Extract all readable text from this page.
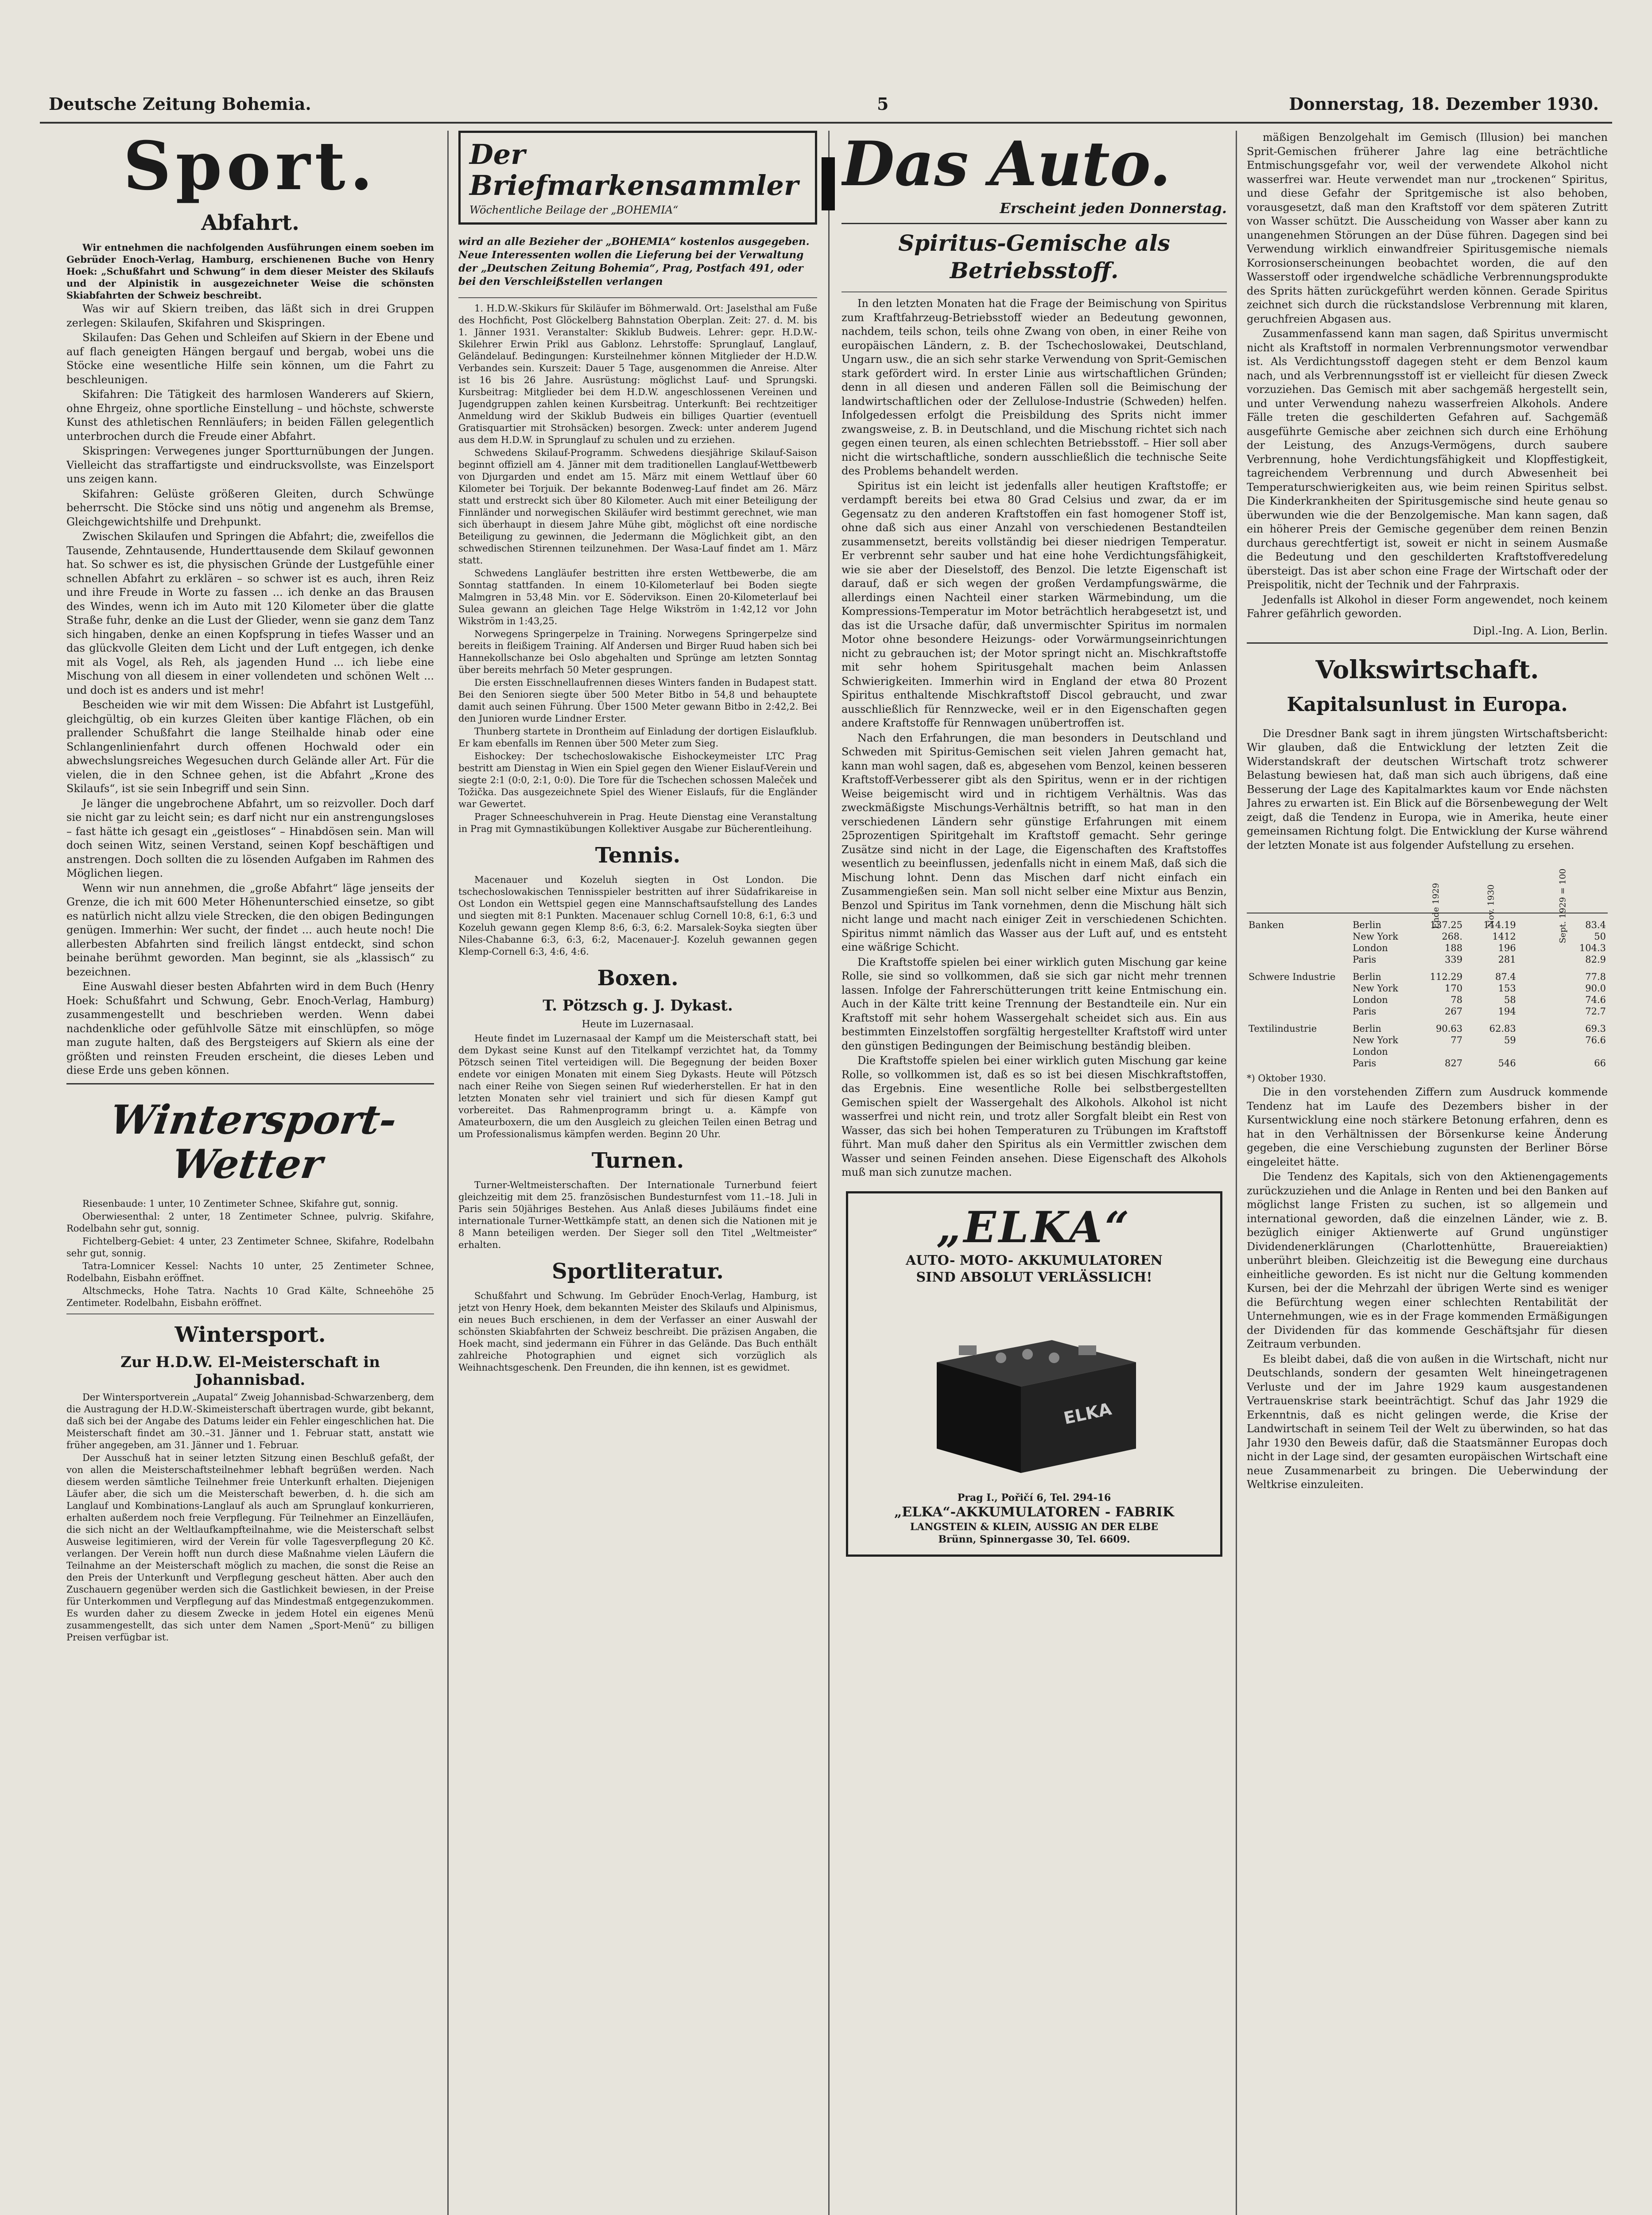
Deutsche Zeitung Bohemia.	5	Donnerstag, 18. Dezember 1930.
Sport.
Abfahrt.

Wir entnehmen die nachfolgenden Ausführungen einem soeben im Gebrüder Enoch-Verlag, Hamburg, erschienenen Buche von Henry Hoek: „Schußfahrt und Schwung“ in dem dieser Meister des Skilaufs und der Alpinistik in ausgezeichneter Weise die schönsten Skiabfahrten der Schweiz beschreibt.

Was wir auf Skiern treiben, das läßt sich in drei Gruppen zerlegen: Skilaufen, Skifahren und Skispringen.

Skilaufen: Das Gehen und Schleifen auf Skiern in der Ebene und auf flach geneigten Hängen bergauf und bergab, wobei uns die Stöcke eine wesentliche Hilfe sein können, um die Fahrt zu beschleunigen.

Skifahren: Die Tätigkeit des harmlosen Wanderers auf Skiern, ohne Ehrgeiz, ohne sportliche Einstellung – und höchste, schwerste Kunst des athletischen Rennläufers; in beiden Fällen gelegentlich unterbrochen durch die Freude einer Abfahrt.

Skispringen: Verwegenes junger Sportturnübungen der Jungen. Vielleicht das straffartigste und eindrucksvollste, was Einzelsport uns zeigen kann.

Skifahren: Gelüste größeren Gleiten, durch Schwünge beherrscht. Die Stöcke sind uns nötig und angenehm als Bremse, Gleichgewichtshilfe und Drehpunkt.

Zwischen Skilaufen und Springen die Abfahrt; die, zweifellos die Tausende, Zehntausende, Hunderttausende dem Skilauf gewonnen hat. So schwer es ist, die physischen Gründe der Lustgefühle einer schnellen Abfahrt zu erklären – so schwer ist es auch, ihren Reiz und ihre Freude in Worte zu fassen ... ich denke an das Brausen des Windes, wenn ich im Auto mit 120 Kilometer über die glatte Straße fuhr, denke an die Lust der Glieder, wenn sie ganz dem Tanz sich hingaben, denke an einen Kopfsprung in tiefes Wasser und an das glückvolle Gleiten dem Licht und der Luft entgegen, ich denke mit als Vogel, als Reh, als jagenden Hund ... ich liebe eine Mischung von all diesem in einer vollendeten und schönen Welt ... und doch ist es anders und ist mehr!

Bescheiden wie wir mit dem Wissen: Die Abfahrt ist Lustgefühl, gleichgültig, ob ein kurzes Gleiten über kantige Flächen, ob ein prallender Schußfahrt die lange Steilhalde hinab oder eine Schlangenlinienfahrt durch offenen Hochwald oder ein abwechslungsreiches Wegesuchen durch Gelände aller Art. Für die vielen, die in den Schnee gehen, ist die Abfahrt „Krone des Skilaufs“, ist sie sein Inbegriff und sein Sinn.

Je länger die ungebrochene Abfahrt, um so reizvoller. Doch darf sie nicht gar zu leicht sein; es darf nicht nur ein anstrengungsloses – fast hätte ich gesagt ein „geistloses“ – Hinabdösen sein. Man will doch seinen Witz, seinen Verstand, seinen Kopf beschäftigen und anstrengen. Doch sollten die zu lösenden Aufgaben im Rahmen des Möglichen liegen.

Wenn wir nun annehmen, die „große Abfahrt“ läge jenseits der Grenze, die ich mit 600 Meter Höhenunterschied einsetze, so gibt es natürlich nicht allzu viele Strecken, die den obigen Bedingungen genügen. Immerhin: Wer sucht, der findet ... auch heute noch! Die allerbesten Abfahrten sind freilich längst entdeckt, sind schon beinahe berühmt geworden. Man beginnt, sie als „klassisch“ zu bezeichnen.

Eine Auswahl dieser besten Abfahrten wird in dem Buch (Henry Hoek: Schußfahrt und Schwung, Gebr. Enoch-Verlag, Hamburg) zusammengestellt und beschrieben werden. Wenn dabei nachdenkliche oder gefühlvolle Sätze mit einschlüpfen, so möge man zugute halten, daß des Bergsteigers auf Skiern als eine der größten und reinsten Freuden erscheint, die dieses Leben und diese Erde uns geben können.

Wintersport-Wetter

Riesenbaude: 1 unter, 10 Zentimeter Schnee, Skifahre gut, sonnig.

Oberwiesenthal: 2 unter, 18 Zentimeter Schnee, pulvrig. Skifahre, Rodelbahn sehr gut, sonnig.

Fichtelberg-Gebiet: 4 unter, 23 Zentimeter Schnee, Skifahre, Rodelbahn sehr gut, sonnig.

Tatra-Lomnicer Kessel: Nachts 10 unter, 25 Zentimeter Schnee, Rodelbahn, Eisbahn eröffnet.

Altschmecks, Hohe Tatra. Nachts 10 Grad Kälte, Schneehöhe 25 Zentimeter. Rodelbahn, Eisbahn eröffnet.

Wintersport.
Zur H.D.W. El-Meisterschaft in Johannisbad.

Der Wintersportverein „Aupatal“ Zweig Johannisbad-Schwarzenberg, dem die Austragung der H.D.W.-Skimeisterschaft übertragen wurde, gibt bekannt, daß sich bei der Angabe des Datums leider ein Fehler eingeschlichen hat. Die Meisterschaft findet am 30.–31. Jänner und 1. Februar statt, anstatt wie früher angegeben, am 31. Jänner und 1. Februar.

Der Ausschuß hat in seiner letzten Sitzung einen Beschluß gefaßt, der von allen die Meisterschaftsteilnehmer lebhaft begrüßen werden. Nach diesem werden sämtliche Teilnehmer freie Unterkunft erhalten. Diejenigen Läufer aber, die sich um die Meisterschaft bewerben, d. h. die sich am Langlauf und Kombinations-Langlauf als auch am Sprunglauf konkurrieren, erhalten außerdem noch freie Verpflegung. Für Teilnehmer an Einzelläufen, die sich nicht an der Weltlaufkampfteilnahme, wie die Meisterschaft selbst Ausweise legitimieren, wird der Verein für volle Tagesverpflegung 20 Kč. verlangen. Der Verein hofft nun durch diese Maßnahme vielen Läufern die Teilnahme an der Meisterschaft möglich zu machen, die sonst die Reise an den Preis der Unterkunft und Verpflegung gescheut hätten. Aber auch den Zuschauern gegenüber werden sich die Gastlichkeit bewiesen, in der Preise für Unterkommen und Verpflegung auf das Mindestmaß entgegenzukommen. Es wurden daher zu diesem Zwecke in jedem Hotel ein eigenes Menü zusammengestellt, das sich unter dem Namen „Sport-Menü“ zu billigen Preisen verfügbar ist.

Der
Briefmarkensammler
Wöchentliche Beilage der „BOHEMIA“
wird an alle Bezieher der „BOHEMIA“ kostenlos ausgegeben. Neue Interessenten wollen die Lieferung bei der Verwaltung der „Deutschen Zeitung Bohemia“, Prag, Postfach 491, oder bei den Verschleißstellen verlangen

1. H.D.W.-Skikurs für Skiläufer im Böhmerwald. Ort: Jaselsthal am Fuße des Hochficht, Post Glöckelberg Bahnstation Oberplan. Zeit: 27. d. M. bis 1. Jänner 1931. Veranstalter: Skiklub Budweis. Lehrer: gepr. H.D.W.-Skilehrer Erwin Prikl aus Gablonz. Lehrstoffe: Sprunglauf, Langlauf, Geländelauf. Bedingungen: Kursteilnehmer können Mitglieder der H.D.W. Verbandes sein. Kurszeit: Dauer 5 Tage, ausgenommen die Anreise. Alter ist 16 bis 26 Jahre. Ausrüstung: möglichst Lauf- und Sprungski. Kursbeitrag: Mitglieder bei dem H.D.W. angeschlossenen Vereinen und Jugendgruppen zahlen keinen Kursbeitrag. Unterkunft: Bei rechtzeitiger Anmeldung wird der Skiklub Budweis ein billiges Quartier (eventuell Gratisquartier mit Strohsäcken) besorgen. Zweck: unter anderem Jugend aus dem H.D.W. in Sprunglauf zu schulen und zu erziehen.

Schwedens Skilauf-Programm. Schwedens diesjährige Skilauf-Saison beginnt offiziell am 4. Jänner mit dem traditionellen Langlauf-Wettbewerb von Djurgarden und endet am 15. März mit einem Wettlauf über 60 Kilometer bei Torjuik. Der bekannte Bodenweg-Lauf findet am 26. März statt und erstreckt sich über 80 Kilometer. Auch mit einer Beteiligung der Finnländer und norwegischen Skiläufer wird bestimmt gerechnet, wie man sich überhaupt in diesem Jahre Mühe gibt, möglichst oft eine nordische Beteiligung zu gewinnen, die Jedermann die Möglichkeit gibt, an den schwedischen Stirennen teilzunehmen. Der Wasa-Lauf findet am 1. März statt.

Schwedens Langläufer bestritten ihre ersten Wettbewerbe, die am Sonntag stattfanden. In einem 10-Kilometerlauf bei Boden siegte Malmgren in 53,48 Min. vor E. Södervikson. Einen 20-Kilometerlauf bei Sulea gewann an gleichen Tage Helge Wikström in 1:42,12 vor John Wikström in 1:43,25.

Norwegens Springerpelze in Training. Norwegens Springerpelze sind bereits in fleißigem Training. Alf Andersen und Birger Ruud haben sich bei Hannekollschanze bei Oslo abgehalten und Sprünge am letzten Sonntag über bereits mehrfach 50 Meter gesprungen.

Die ersten Eisschnellaufrennen dieses Winters fanden in Budapest statt. Bei den Senioren siegte über 500 Meter Bitbo in 54,8 und behauptete damit auch seinen Führung. Über 1500 Meter gewann Bitbo in 2:42,2. Bei den Junioren wurde Lindner Erster.

Thunberg startete in Drontheim auf Einladung der dortigen Eislaufklub. Er kam ebenfalls im Rennen über 500 Meter zum Sieg.

Eishockey: Der tschechoslowakische Eishockeymeister LTC Prag bestritt am Dienstag in Wien ein Spiel gegen den Wiener Eislauf-Verein und siegte 2:1 (0:0, 2:1, 0:0). Die Tore für die Tschechen schossen Maleček und Tožička. Das ausgezeichnete Spiel des Wiener Eislaufs, für die Engländer war Gewertet.

Prager Schneeschuhverein in Prag. Heute Dienstag eine Veranstaltung in Prag mit Gymnastikübungen Kollektiver Ausgabe zur Bücherentleihung.

Tennis.

Macenauer und Kozeluh siegten in Ost London. Die tschechoslowakischen Tennisspieler bestritten auf ihrer Südafrikareise in Ost London ein Wettspiel gegen eine Mannschaftsaufstellung des Landes und siegten mit 8:1 Punkten. Macenauer schlug Cornell 10:8, 6:1, 6:3 und Kozeluh gewann gegen Klemp 8:6, 6:3, 6:2. Marsalek-Soyka siegten über Niles-Chabanne 6:3, 6:3, 6:2, Macenauer-J. Kozeluh gewannen gegen Klemp-Cornell 6:3, 4:6, 4:6.

Boxen.
T. Pötzsch g. J. Dykast.
Heute im Luzernasaal.

Heute findet im Luzernasaal der Kampf um die Meisterschaft statt, bei dem Dykast seine Kunst auf den Titelkampf verzichtet hat, da Tommy Pötzsch seinen Titel verteidigen will. Die Begegnung der beiden Boxer endete vor einigen Monaten mit einem Sieg Dykasts. Heute will Pötzsch nach einer Reihe von Siegen seinen Ruf wiederherstellen. Er hat in den letzten Monaten sehr viel trainiert und sich für diesen Kampf gut vorbereitet. Das Rahmenprogramm bringt u. a. Kämpfe von Amateurboxern, die um den Ausgleich zu gleichen Teilen einen Betrag und um Professionalismus kämpfen werden. Beginn 20 Uhr.

Turnen.

Turner-Weltmeisterschaften. Der Internationale Turnerbund feiert gleichzeitig mit dem 25. französischen Bundesturnfest vom 11.–18. Juli in Paris sein 50jähriges Bestehen. Aus Anlaß dieses Jubiläums findet eine internationale Turner-Wettkämpfe statt, an denen sich die Nationen mit je 8 Mann beteiligen werden. Der Sieger soll den Titel „Weltmeister“ erhalten.

Sportliteratur.

Schußfahrt und Schwung. Im Gebrüder Enoch-Verlag, Hamburg, ist jetzt von Henry Hoek, dem bekannten Meister des Skilaufs und Alpinismus, ein neues Buch erschienen, in dem der Verfasser an einer Auswahl der schönsten Skiabfahrten der Schweiz beschreibt. Die präzisen Angaben, die Hoek macht, sind jedermann ein Führer in das Gelände. Das Buch enthält zahlreiche Photographien und eignet sich vorzüglich als Weihnachtsgeschenk. Den Freunden, die ihn kennen, ist es gewidmet.

Das Auto.
Erscheint jeden Donnerstag.
Spiritus-Gemische als Betriebsstoff.

In den letzten Monaten hat die Frage der Beimischung von Spiritus zum Kraftfahrzeug-Betriebsstoff wieder an Bedeutung gewonnen, nachdem, teils schon, teils ohne Zwang von oben, in einer Reihe von europäischen Ländern, z. B. der Tschechoslowakei, Deutschland, Ungarn usw., die an sich sehr starke Verwendung von Sprit-Gemischen stark gefördert wird. In erster Linie aus wirtschaftlichen Gründen; denn in all diesen und anderen Fällen soll die Beimischung der landwirtschaftlichen oder der Zellulose-Industrie (Schweden) helfen. Infolgedessen erfolgt die Preisbildung des Sprits nicht immer zwangsweise, z. B. in Deutschland, und die Mischung richtet sich nach gegen einen teuren, als einen schlechten Betriebsstoff. – Hier soll aber nicht die wirtschaftliche, sondern ausschließlich die technische Seite des Problems behandelt werden.

Spiritus ist ein leicht ist jedenfalls aller heutigen Kraftstoffe; er verdampft bereits bei etwa 80 Grad Celsius und zwar, da er im Gegensatz zu den anderen Kraftstoffen ein fast homogener Stoff ist, ohne daß sich aus einer Anzahl von verschiedenen Bestandteilen zusammensetzt, bereits vollständig bei dieser niedrigen Temperatur. Er verbrennt sehr sauber und hat eine hohe Verdichtungsfähigkeit, wie sie aber der Dieselstoff, des Benzol. Die letzte Eigenschaft ist darauf, daß er sich wegen der großen Verdampfungswärme, die allerdings einen Nachteil einer starken Wärmebindung, um die Kompressions-Temperatur im Motor beträchtlich herabgesetzt ist, und das ist die Ursache dafür, daß unvermischter Spiritus im normalen Motor ohne besondere Heizungs- oder Vorwärmungseinrichtungen nicht zu gebrauchen ist; der Motor springt nicht an. Mischkraftstoffe mit sehr hohem Spiritusgehalt machen beim Anlassen Schwierigkeiten. Immerhin wird in England der etwa 80 Prozent Spiritus enthaltende Mischkraftstoff Discol gebraucht, und zwar ausschließlich für Rennzwecke, weil er in den Eigenschaften gegen andere Kraftstoffe für Rennwagen unübertroffen ist.

Nach den Erfahrungen, die man besonders in Deutschland und Schweden mit Spiritus-Gemischen seit vielen Jahren gemacht hat, kann man wohl sagen, daß es, abgesehen vom Benzol, keinen besseren Kraftstoff-Verbesserer gibt als den Spiritus, wenn er in der richtigen Weise beigemischt wird und in richtigem Verhältnis. Was das zweckmäßigste Mischungs-Verhältnis betrifft, so hat man in den verschiedenen Ländern sehr günstige Erfahrungen mit einem 25prozentigen Spiritgehalt im Kraftstoff gemacht. Sehr geringe Zusätze sind nicht in der Lage, die Eigenschaften des Kraftstoffes wesentlich zu beeinflussen, jedenfalls nicht in einem Maß, daß sich die Mischung lohnt. Denn das Mischen darf nicht einfach ein Zusammengießen sein. Man soll nicht selber eine Mixtur aus Benzin, Benzol und Spiritus im Tank vornehmen, denn die Mischung hält sich nicht lange und macht nach einiger Zeit in verschiedenen Schichten. Spiritus nimmt nämlich das Wasser aus der Luft auf, und es entsteht eine wäßrige Schicht.

Die Kraftstoffe spielen bei einer wirklich guten Mischung gar keine Rolle, sie sind so vollkommen, daß sie sich gar nicht mehr trennen lassen. Infolge der Fahrerschütterungen tritt keine Entmischung ein. Auch in der Kälte tritt keine Trennung der Bestandteile ein. Nur ein Kraftstoff mit sehr hohem Wassergehalt scheidet sich aus. Ein aus bestimmten Einzelstoffen sorgfältig hergestellter Kraftstoff wird unter den günstigen Bedingungen der Beimischung beständig bleiben.

Die Kraftstoffe spielen bei einer wirklich guten Mischung gar keine Rolle, so vollkommen ist, daß es so ist bei diesen Mischkraftstoffen, das Ergebnis. Eine wesentliche Rolle bei selbstbergestellten Gemischen spielt der Wassergehalt des Alkohols. Alkohol ist nicht wasserfrei und nicht rein, und trotz aller Sorgfalt bleibt ein Rest von Wasser, das sich bei hohen Temperaturen zu Trübungen im Kraftstoff führt. Man muß daher den Spiritus als ein Vermittler zwischen dem Wasser und seinen Feinden ansehen. Diese Eigenschaft des Alkohols muß man sich zunutze machen.

„ELKA“
AUTO- MOTO- AKKUMULATOREN
SIND ABSOLUT VERLÄSSLICH!
ELKA
Prag I., Pořičí 6, Tel. 294-16
„ELKA“-AKKUMULATOREN - FABRIK
LANGSTEIN & KLEIN, AUSSIG AN DER ELBE
Brünn, Spinnergasse 30, Tel. 6609.

mäßigen Benzolgehalt im Gemisch (Illusion) bei manchen Sprit-Gemischen früherer Jahre lag eine beträchtliche Entmischungsgefahr vor, weil der verwendete Alkohol nicht wasserfrei war. Heute verwendet man nur „trockenen“ Spiritus, und diese Gefahr der Spritgemische ist also behoben, vorausgesetzt, daß man den Kraftstoff vor dem späteren Zutritt von Wasser schützt. Die Ausscheidung von Wasser aber kann zu unangenehmen Störungen an der Düse führen. Dagegen sind bei Verwendung wirklich einwandfreier Spiritusgemische niemals Korrosionserscheinungen beobachtet worden, die auf den Wasserstoff oder irgendwelche schädliche Verbrennungsprodukte des Sprits hätten zurückgeführt werden können. Gerade Spiritus zeichnet sich durch die rückstandslose Verbrennung mit klaren, geruchfreien Abgasen aus.

Zusammenfassend kann man sagen, daß Spiritus unvermischt nicht als Kraftstoff in normalen Verbrennungsmotor verwendbar ist. Als Verdichtungsstoff dagegen steht er dem Benzol kaum nach, und als Verbrennungsstoff ist er vielleicht für diesen Zweck vorzuziehen. Das Gemisch mit aber sachgemäß hergestellt sein, und unter Verwendung nahezu wasserfreien Alkohols. Andere Fälle treten die geschilderten Gefahren auf. Sachgemäß ausgeführte Gemische aber zeichnen sich durch eine Erhöhung der Leistung, des Anzugs-Vermögens, durch saubere Verbrennung, hohe Verdichtungsfähigkeit und Klopffestigkeit, tagreichendem Verbrennung und durch Abwesenheit bei Temperaturschwierigkeiten aus, wie beim reinen Spiritus selbst. Die Kinderkrankheiten der Spiritusgemische sind heute genau so überwunden wie die der Benzolgemische. Man kann sagen, daß ein höherer Preis der Gemische gegenüber dem reinen Benzin durchaus gerechtfertigt ist, soweit er nicht in seinem Ausmaße die Bedeutung und den geschilderten Kraftstoffveredelung übersteigt. Das ist aber schon eine Frage der Wirtschaft oder der Preispolitik, nicht der Technik und der Fahrpraxis.

Jedenfalls ist Alkohol in dieser Form angewendet, noch keinem Fahrer gefährlich geworden.

Dipl.-Ing. A. Lion, Berlin.
Volkswirtschaft.
Kapitalsunlust in Europa.

Die Dresdner Bank sagt in ihrem jüngsten Wirtschaftsbericht: Wir glauben, daß die Entwicklung der letzten Zeit die Widerstandskraft der deutschen Wirtschaft trotz schwerer Belastung bewiesen hat, daß man sich auch übrigens, daß eine Besserung der Lage des Kapitalmarktes kaum vor Ende nächsten Jahres zu erwarten ist. Ein Blick auf die Börsenbewegung der Welt zeigt, daß die Tendenz in Europa, wie in Amerika, heute einer gemeinsamen Richtung folgt. Die Entwicklung der Kurse während der letzten Monate ist aus folgender Aufstellung zu ersehen.

		Ende 1929	Nov. 1930	Sept. 1929 = 100
Banken	Berlin	137.25	114.19	83.4
	New York	268.	1412	50
	London	188	196	104.3
	Paris	339	281	82.9
Schwere Industrie	Berlin	112.29	87.4	77.8
	New York	170	153	90.0
	London	78	58	74.6
	Paris	267	194	72.7
Textilindustrie	Berlin	90.63	62.83	69.3
	New York	77	59	76.6
	London			
	Paris	827	546	66

*) Oktober 1930.

Die in den vorstehenden Ziffern zum Ausdruck kommende Tendenz hat im Laufe des Dezembers bisher in der Kursentwicklung eine noch stärkere Betonung erfahren, denn es hat in den Verhältnissen der Börsenkurse keine Änderung gegeben, die eine Verschiebung zugunsten der Berliner Börse eingeleitet hätte.

Die Tendenz des Kapitals, sich von den Aktienengagements zurückzuziehen und die Anlage in Renten und bei den Banken auf möglichst lange Fristen zu suchen, ist so allgemein und international geworden, daß die einzelnen Länder, wie z. B. bezüglich einiger Aktienwerte auf Grund ungünstiger Dividendenerklärungen (Charlottenhütte, Brauereiaktien) unberührt bleiben. Gleichzeitig ist die Bewegung eine durchaus einheitliche geworden. Es ist nicht nur die Geltung kommenden Kursen, bei der die Mehrzahl der übrigen Werte sind es weniger die Befürchtung wegen einer schlechten Rentabilität der Unternehmungen, wie es in der Frage kommenden Ermäßigungen der Dividenden für das kommende Geschäftsjahr für diesen Zeitraum verbunden.

Es bleibt dabei, daß die von außen in die Wirtschaft, nicht nur Deutschlands, sondern der gesamten Welt hineingetragenen Verluste und der im Jahre 1929 kaum ausgestandenen Vertrauenskrise stark beeinträchtigt. Schuf das Jahr 1929 die Erkenntnis, daß es nicht gelingen werde, die Krise der Landwirtschaft in seinem Teil der Welt zu überwinden, so hat das Jahr 1930 den Beweis dafür, daß die Staatsmänner Europas doch nicht in der Lage sind, der gesamten europäischen Wirtschaft eine neue Zusammenarbeit zu bringen. Die Ueberwindung der Weltkrise einzuleiten.
